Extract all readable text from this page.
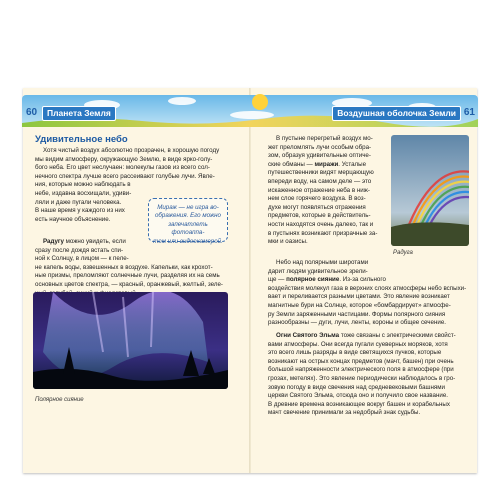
60	61
Планета Земля	Воздушная оболочка Земли
Удивительное небо
Хотя чистый воздух абсолютно прозрачен, в хорошую погоду
мы видим атмосферу, окружающую Землю, в виде ярко-голу-
бого неба. Его цвет неслучаен: молекулы газов из всего сол-
нечного спектра лучше всего рассеивают голубые лучи. Явле-
ния, которые можно наблюдать в
небе, издавна восхищали, удиви-
ляли и даже пугали человека.
В наше время у каждого из них
есть научное объяснение.

Мираж — не игра во-
ображения. Его можно
запечатлеть фотоаппа-
том или видеокамерой.

Радугу можно увидеть, если
сразу после дождя встать спи-
ной к Солнцу, в лицом — к пеле-
не капель воды, взвешенных в воздухе. Капельки, как крохот-
ные призмы, преломляют солнечные лучи, разделяя их на семь
основных цветов спектра, — красный, оранжевый, желтый, зеле-
Полярное сияние
В пустыне перегретый воздух мо-
жет преломлять лучи особым обра-
зом, образуя удивительные оптиче-
ские обманы — миражи. Усталые
путешественники видят мерцающую
впереди воду, на самом деле — это
искаженное отражение неба в ниж-
нем слое горячего воздуха. В воз-
духе могут появляться отражения
предметов, которые в действитель-
ности находятся очень далеко, так и
в пустынях возникают призрачные за-
мки и оазисы.
Радуга
Небо над полярными широтами
дарит людям удивительное зрели-
ще — полярное сияние. Из-за сильного
воздействия молекул газа в верхних слоях атмосферы небо вспыхи-
вает и переливается разными цветами. Это явление возникает
магнитные бури на Солнце, которое «бомбардирует» атмосфе-
ру Земли заряженными частицами. Формы полярного сияния
разнообразны — дуги, лучи, ленты, короны и общее сечение.
Огни Святого Эльма тоже связаны с электрическими свойст-
вами атмосферы. Они всегда пугали суеверных моряков, хотя
это всего лишь разряды в виде светящихся пучков, которые
возникают на острых концах предметов (мачт, башен) при очень
большой напряженности электрического поля в атмосфере (при
грозах, метелях). Это явление периодически наблюдалось в гро-
зовую погоду в виде свечения над средневековыми башнями
церкви Святого Эльма, отсюда оно и получило свое название.
В древние времена возникающее вокруг башен и корабельных
мачт свечение принимали за недобрый знак судьбы.
